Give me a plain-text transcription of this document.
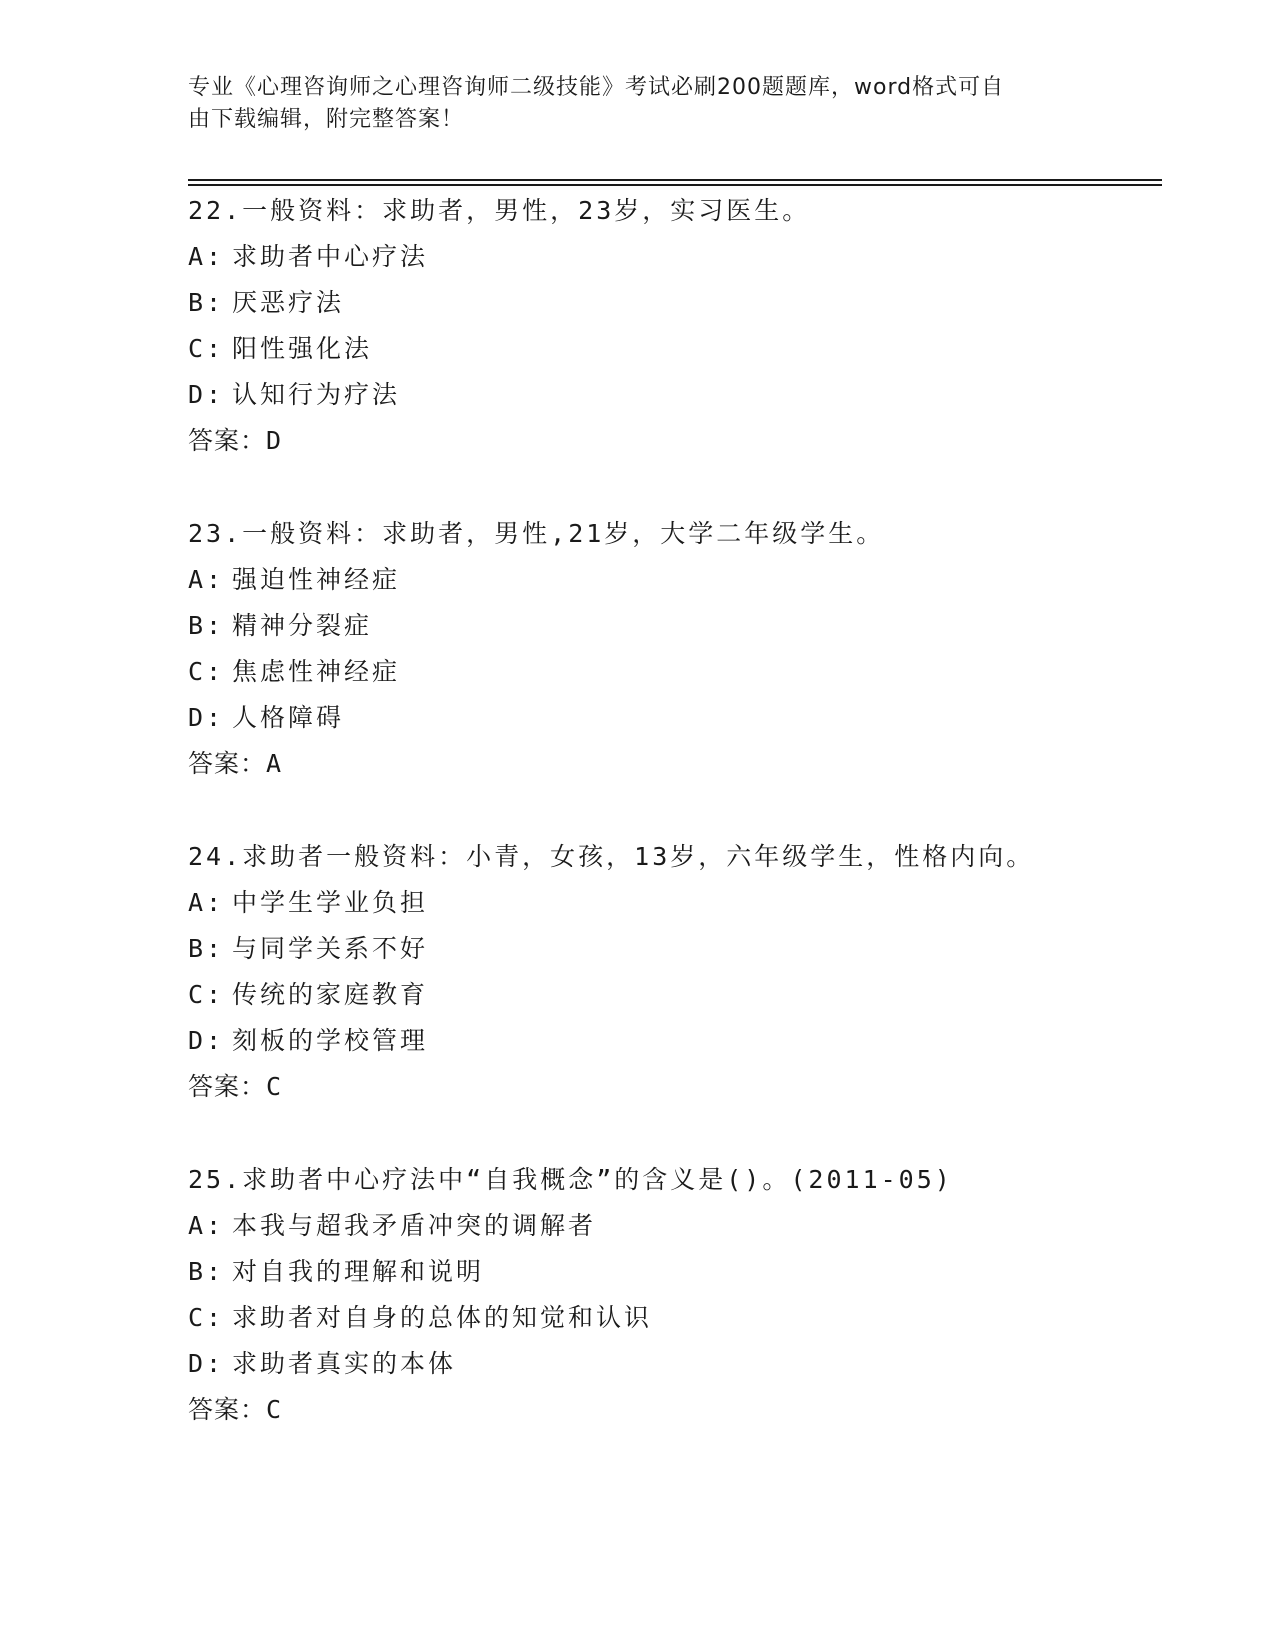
专业《心理咨询师之心理咨询师二级技能》考试必刷200题题库，word格式可自
由下载编辑，附完整答案！
22.一般资料：求助者，男性，23岁，实习医生。
A: 求助者中心疗法
B: 厌恶疗法
C: 阳性强化法
D: 认知行为疗法
答案：D
23.一般资料：求助者，男性,21岁，大学二年级学生。
A: 强迫性神经症
B: 精神分裂症
C: 焦虑性神经症
D: 人格障碍
答案：A
24.求助者一般资料：小青，女孩，13岁，六年级学生，性格内向。
A: 中学生学业负担
B: 与同学关系不好
C: 传统的家庭教育
D: 刻板的学校管理
答案：C
25.求助者中心疗法中“自我概念”的含义是()。(2011-05)
A: 本我与超我矛盾冲突的调解者
B: 对自我的理解和说明
C: 求助者对自身的总体的知觉和认识
D: 求助者真实的本体
答案：C
